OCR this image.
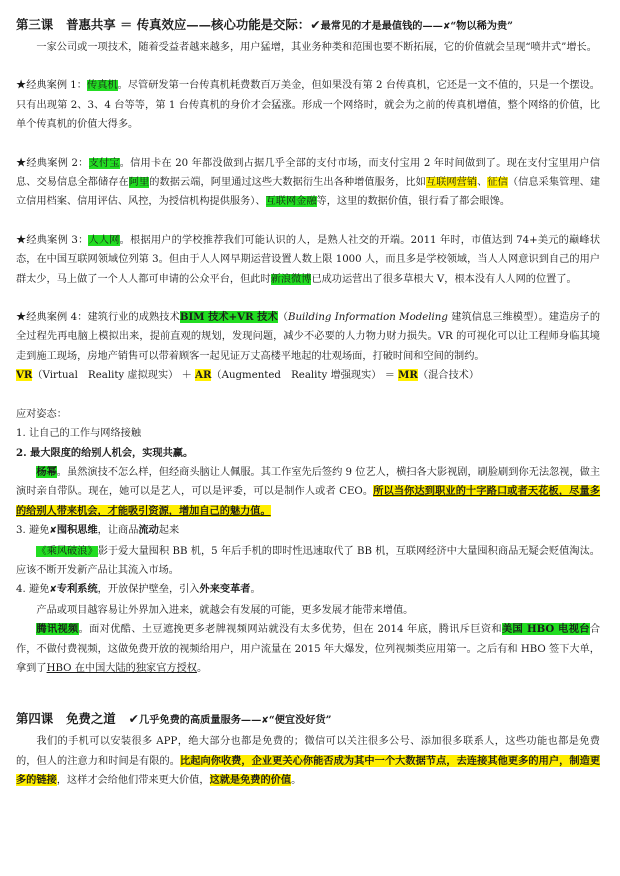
第三课 普惠共享 ＝ 传真效应——核心功能是交际：✔最常见的才是最值钱的——✘“物以稀为贵”
一家公司或一项技术，随着受益者越来越多，用户猛增，其业务种类和范围也要不断拓展，它的价值就会呈现“喷井式”增长。
★经典案例 1：传真机。尽管研发第一台传真机耗费数百万美金，但如果没有第 2 台传真机，它还是一文不值的，只是一个摆设。只有出现第 2、3、4 台等等，第 1 台传真机的身价才会猛涨。形成一个网络时，就会为之前的传真机增值，整个网络的价值，比单个传真机的价值大得多。
★经典案例 2：支付宝。信用卡在 20 年都没做到占据几乎全部的支付市场，而支付宝用 2 年时间做到了。现在支付宝里用户信息、交易信息全都储存在阿里的数据云端，阿里通过这些大数据衍生出各种增值服务，比如互联网营销、征信（信息采集管理、建立信用档案、信用评估、风控，为授信机构提供服务）、互联网金融等，这里的数据价值，银行看了都会眼馋。
★经典案例 3：人人网。根据用户的学校推荐我们可能认识的人，是熟人社交的开端。2011 年时，市值达到 74+美元的巅峰状态，在中国互联网领域位列第 3。但由于人人网早期运营设置人数上限 1000 人，而且多是学校领域，当人人网意识到自己的用户群太少，马上做了一个人人都可申请的公众平台，但此时新浪微博已成功运营出了很多草根大 V，根本没有人人网的位置了。
★经典案例 4：建筑行业的成熟技术BIM 技术+VR 技术（Building Information Modeling 建筑信息三维模型）。建造房子的全过程先再电脑上模拟出来，提前直观的规划，发现问题，减少不必要的人力物力财力损失。VR 的可视化可以让工程师身临其境走到施工现场，房地产销售可以带着顾客一起见证万丈高楼平地起的壮观场面，打破时间和空间的制约。
VR（Virtual　Reality 虚拟现实） ＋ AR（Augmented　Reality 增强现实） ＝ MR（混合技术）
应对姿态：
1. 让自己的工作与网络接触
2. 最大限度的给别人机会，实现共赢。
杨幂。虽然演技不怎么样，但经商头脑让人佩服。其工作室先后签约 9 位艺人，横扫各大影视剧，刷脸刷到你无法忽视，做主演时亲自带队。现在，她可以是艺人，可以是评委，可以是制作人或者 CEO。所以当你达到职业的十字路口或者天花板，尽量多的给别人带来机会，才能吸引资源，增加自己的魅力值。
3. 避免✘囤积思维，让商品流动起来
《乘风破浪》影于爱大量囤积 BB 机，5 年后手机的即时性迅速取代了 BB 机，互联网经济中大量囤积商品无疑会贬值淘汰。应该不断开发新产品让其流入市场。
4. 避免✘专利系统，开放保护壁垒，引入外来变革者。
产品或项目越容易让外界加入进来，就越会有发展的可能，更多发展才能带来增值。
腾讯视频。面对优酷、土豆遮挽更多老牌视频网站就没有太多优势，但在 2014 年底，腾讯斥巨资和美国 HBO 电视台合作，不做付费视频，这做免费开放的视频给用户，用户流量在 2015 年大爆发，位列视频类应用第一。之后有和 HBO 签下大单，拿到了HBO 在中国大陆的独家官方授权。
第四课 免费之道 ✔几乎免费的高质量服务——✘“便宜没好货”
我们的手机可以安装很多 APP，绝大部分也都是免费的；微信可以关注很多公号、添加很多联系人，这些功能也都是免费的，但人的注意力和时间是有限的。比起向你收费，企业更关心你能否成为其中一个大数据节点，去连接其他更多的用户，制造更多的链接，这样才会给他们带来更大价值，这就是免费的价值。
